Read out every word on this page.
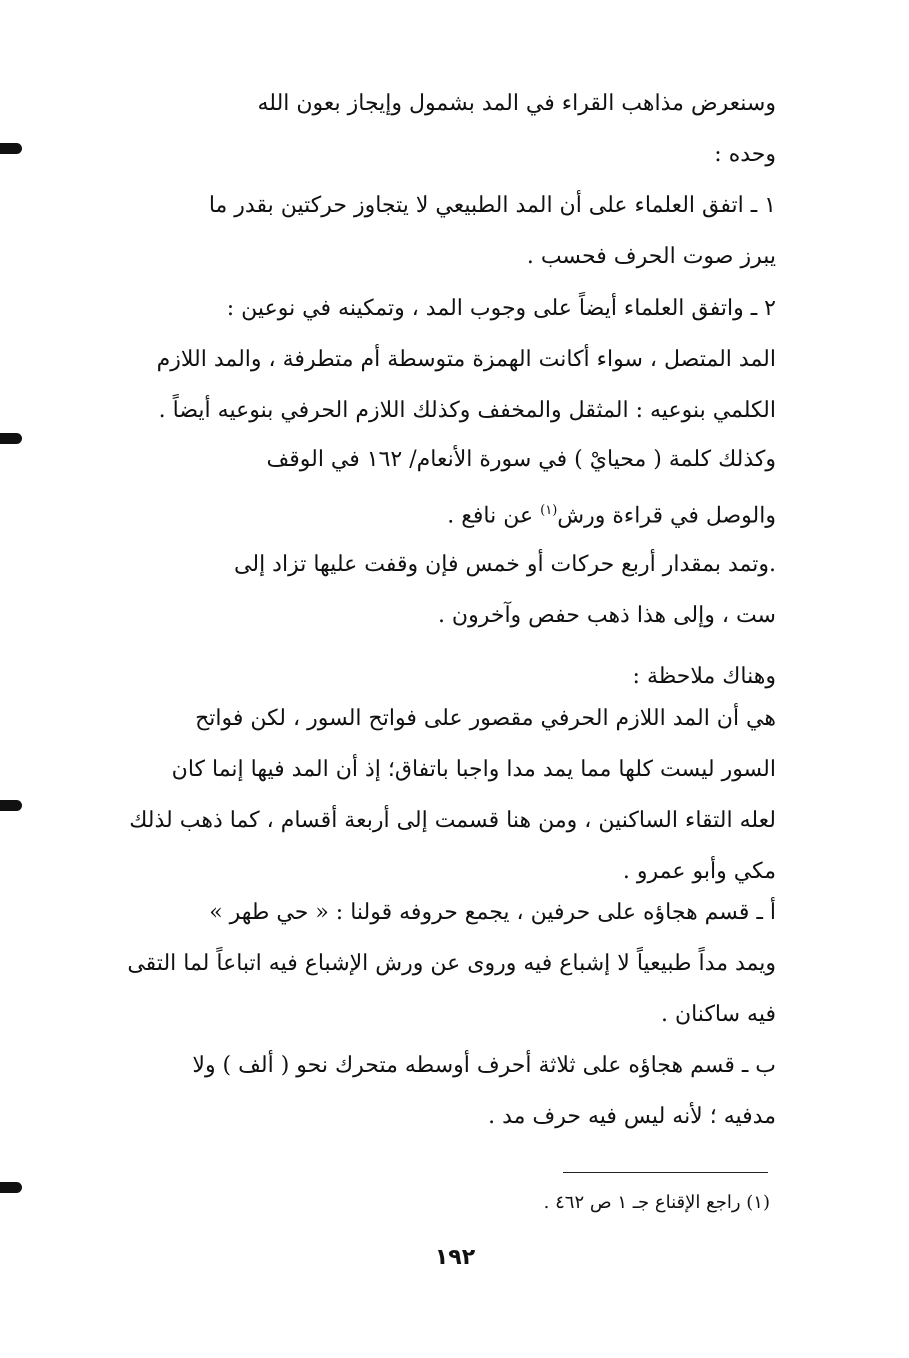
وسنعرض مذاهب القراء في المد بشمول وإيجاز بعون الله
وحده :
١ ـ اتفق العلماء على أن المد الطبيعي لا يتجاوز حركتين بقدر ما
يبرز صوت الحرف فحسب .
٢ ـ واتفق العلماء أيضاً على وجوب المد ، وتمكينه في نوعين :
المد المتصل ، سواء أكانت الهمزة متوسطة أم متطرفة ، والمد اللازم
الكلمي بنوعيه : المثقل والمخفف وكذلك اللازم الحرفي بنوعيه أيضاً .
وكذلك كلمة ( محيايْ ) في سورة الأنعام/ ١٦٢ في الوقف
والوصل في قراءة ورش$^{(١)}$ عن نافع .
.وتمد بمقدار أربع حركات أو خمس فإن وقفت عليها تزاد إلى
ست ، وإلى هذا ذهب حفص وآخرون .
وهناك ملاحظة :
هي أن المد اللازم الحرفي مقصور على فواتح السور ، لكن فواتح
السور ليست كلها مما يمد مدا واجبا باتفاق؛ إذ أن المد فيها إنما كان
لعله التقاء الساكنين ، ومن هنا قسمت إلى أربعة أقسام ، كما ذهب لذلك
مكي وأبو عمرو .
أ ـ قسم هجاؤه على حرفين ، يجمع حروفه قولنا : « حي طهر »
ويمد مداً طبيعياً لا إشباع فيه وروى عن ورش الإشباع فيه اتباعاً لما التقى
فيه ساكنان .
ب ـ قسم هجاؤه على ثلاثة أحرف أوسطه متحرك نحو ( ألف ) ولا
مدفيه ؛ لأنه ليس فيه حرف مد .
(١) راجع الإقناع جـ ١ ص ٤٦٢ .
١٩٢
